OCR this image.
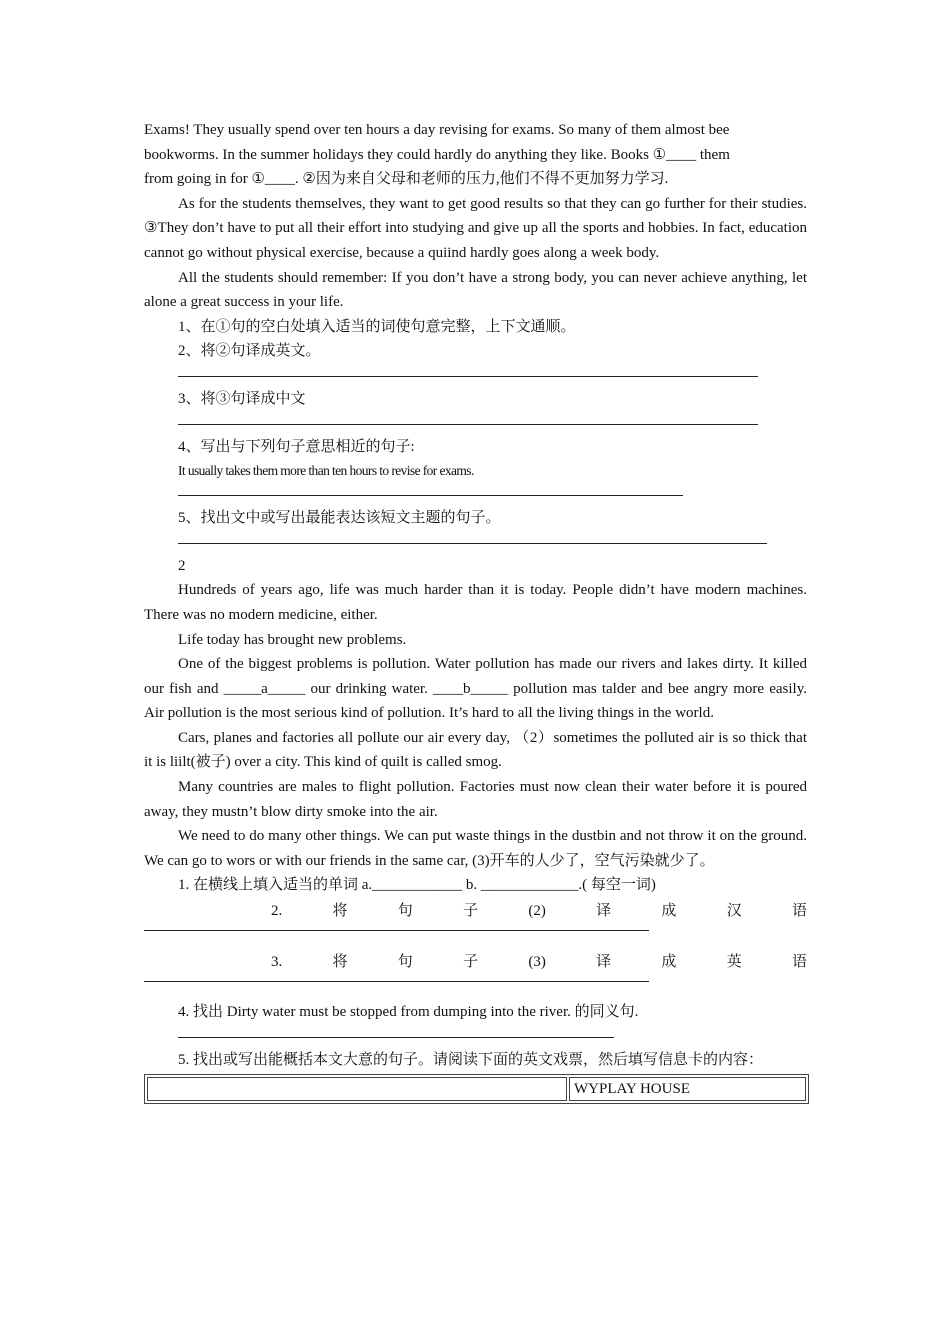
Exams! They usually spend over ten hours a day revising for exams. So many of them almost bee
bookworms. In the summer holidays they could hardly do anything they like. Books ①____ them
from going in for ①____. ②因为来自父母和老师的压力,他们不得不更加努力学习.

As for the students themselves, they want to get good results so that they can go further for their studies. ③They don’t have to put all their effort into studying and give up all the sports and hobbies. In fact, education cannot go without physical exercise, because a quiind hardly goes along a week body.

All the students should remember: If you don’t have a strong body, you can never achieve anything, let alone a great success in your life.

1、在①句的空白处填入适当的词使句意完整，上下文通顺。

2、将②句译成英文。

3、将③句译成中文

4、写出与下列句子意思相近的句子:

It usually takes them more than ten hours to revise for exams.

5、找出文中或写出最能表达该短文主题的句子。

2

Hundreds of years ago, life was much harder than it is today. People didn’t have modern machines. There was no modern medicine, either.

Life today has brought new problems.

One of the biggest problems is pollution. Water pollution has made our rivers and lakes dirty. It killed our fish and _____a_____ our drinking water. ____b_____ pollution mas talder and bee angry more easily. Air pollution is the most serious kind of pollution. It’s hard to all the living things in the world.

Cars, planes and factories all pollute our air every day, （2）sometimes the polluted air is so thick that it is liilt(被子) over a city. This kind of quilt is called smog.

Many countries are males to flight pollution. Factories must now clean their water before it is poured away, they mustn’t blow dirty smoke into the air.

We need to do many other things. We can put waste things in the dustbin and not throw it on the ground. We can go to wors or with our friends in the same car, (3)开车的人少了，空气污染就少了。

1. 在横线上填入适当的单词 a.____________ b. _____________.( 每空一词)

2.	将	句	子	(2)	译	成	汉	语
3.	将	句	子	(3)	译	成	英	语

4. 找出 Dirty water must be stopped from dumping into the river. 的同义句.

5. 找出或写出能概括本文大意的句子。请阅读下面的英文戏票，然后填写信息卡的内容：

	WYPLAY HOUSE
